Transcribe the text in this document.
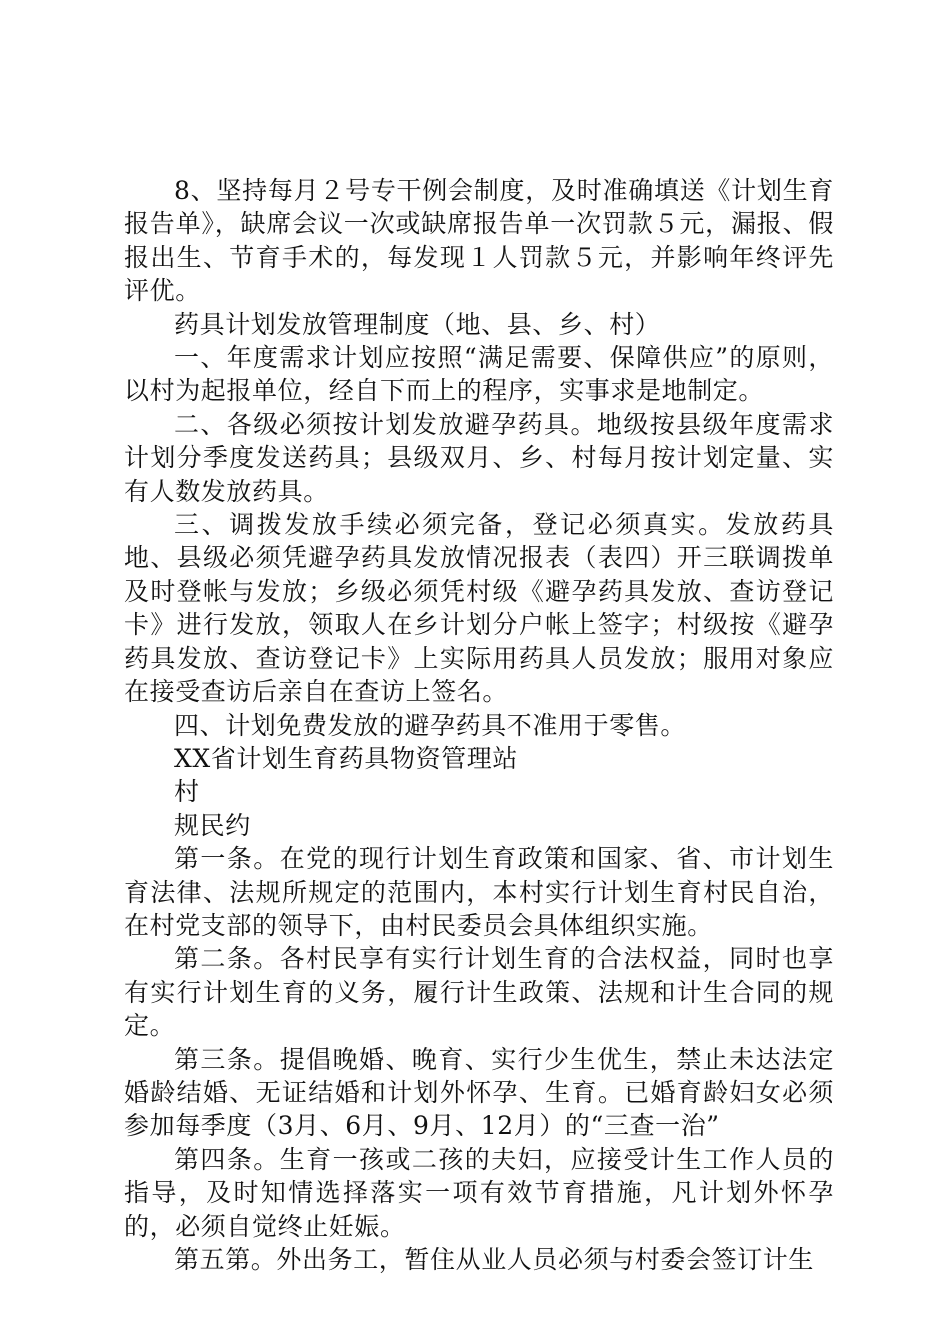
8、坚持每月２号专干例会制度，及时准确填送《计划生育报告单》，缺席会议一次或缺席报告单一次罚款５元，漏报、假报出生、节育手术的，每发现１人罚款５元，并影响年终评先评优。

药具计划发放管理制度（地、县、乡、村）

一、年度需求计划应按照“满足需要、保障供应”的原则，以村为起报单位，经自下而上的程序，实事求是地制定。

二、各级必须按计划发放避孕药具。地级按县级年度需求计划分季度发送药具；县级双月、乡、村每月按计划定量、实有人数发放药具。

三、调拨发放手续必须完备，登记必须真实。发放药具地、县级必须凭避孕药具发放情况报表（表四）开三联调拨单及时登帐与发放；乡级必须凭村级《避孕药具发放、查访登记卡》进行发放，领取人在乡计划分户帐上签字；村级按《避孕药具发放、查访登记卡》上实际用药具人员发放；服用对象应在接受查访后亲自在查访上签名。

四、计划免费发放的避孕药具不准用于零售。

XX省计划生育药具物资管理站

村

规民约

第一条。在党的现行计划生育政策和国家、省、市计划生育法律、法规所规定的范围内，本村实行计划生育村民自治，在村党支部的领导下，由村民委员会具体组织实施。

第二条。各村民享有实行计划生育的合法权益，同时也享有实行计划生育的义务，履行计生政策、法规和计生合同的规定。

第三条。提倡晚婚、晚育、实行少生优生，禁止未达法定婚龄结婚、无证结婚和计划外怀孕、生育。已婚育龄妇女必须参加每季度（3月、6月、9月、12月）的“三查一治”

第四条。生育一孩或二孩的夫妇，应接受计生工作人员的指导，及时知情选择落实一项有效节育措施，凡计划外怀孕的，必须自觉终止妊娠。

第五第。外出务工，暂住从业人员必须与村委会签订计生
